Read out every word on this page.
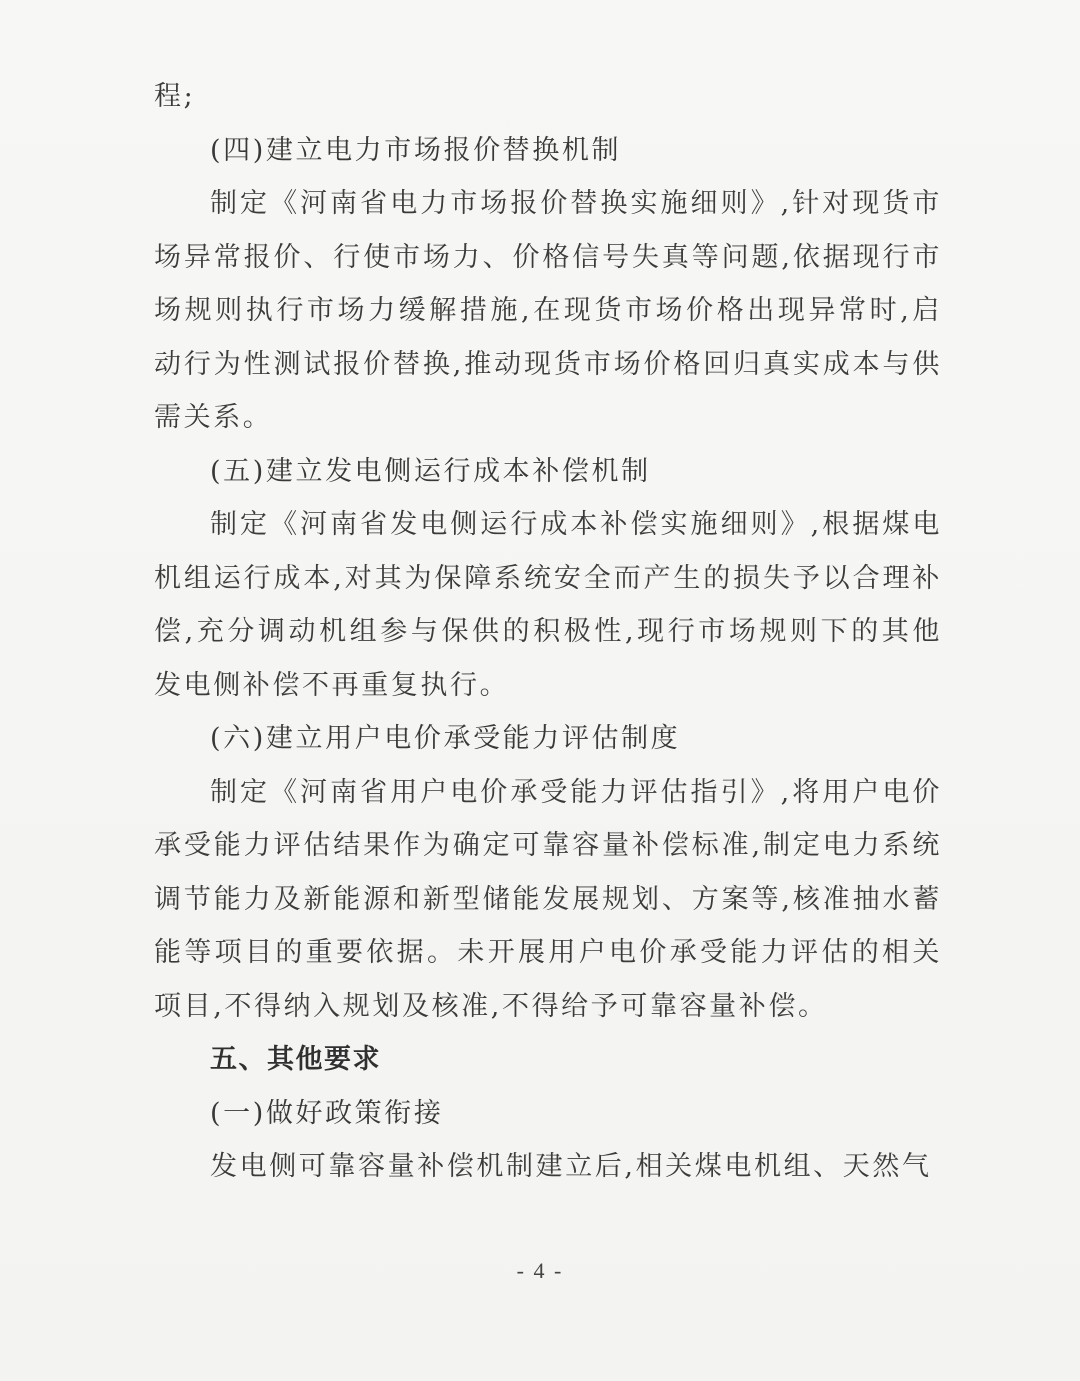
程;

(四)建立电力市场报价替换机制

制定《河南省电力市场报价替换实施细则》,针对现货市场异常报价、行使市场力、价格信号失真等问题,依据现行市场规则执行市场力缓解措施,在现货市场价格出现异常时,启动行为性测试报价替换,推动现货市场价格回归真实成本与供需关系。

(五)建立发电侧运行成本补偿机制

制定《河南省发电侧运行成本补偿实施细则》,根据煤电机组运行成本,对其为保障系统安全而产生的损失予以合理补偿,充分调动机组参与保供的积极性,现行市场规则下的其他发电侧补偿不再重复执行。

(六)建立用户电价承受能力评估制度

制定《河南省用户电价承受能力评估指引》,将用户电价承受能力评估结果作为确定可靠容量补偿标准,制定电力系统调节能力及新能源和新型储能发展规划、方案等,核准抽水蓄能等项目的重要依据。未开展用户电价承受能力评估的相关项目,不得纳入规划及核准,不得给予可靠容量补偿。

五、其他要求

(一)做好政策衔接

发电侧可靠容量补偿机制建立后,相关煤电机组、天然气

- 4 -
